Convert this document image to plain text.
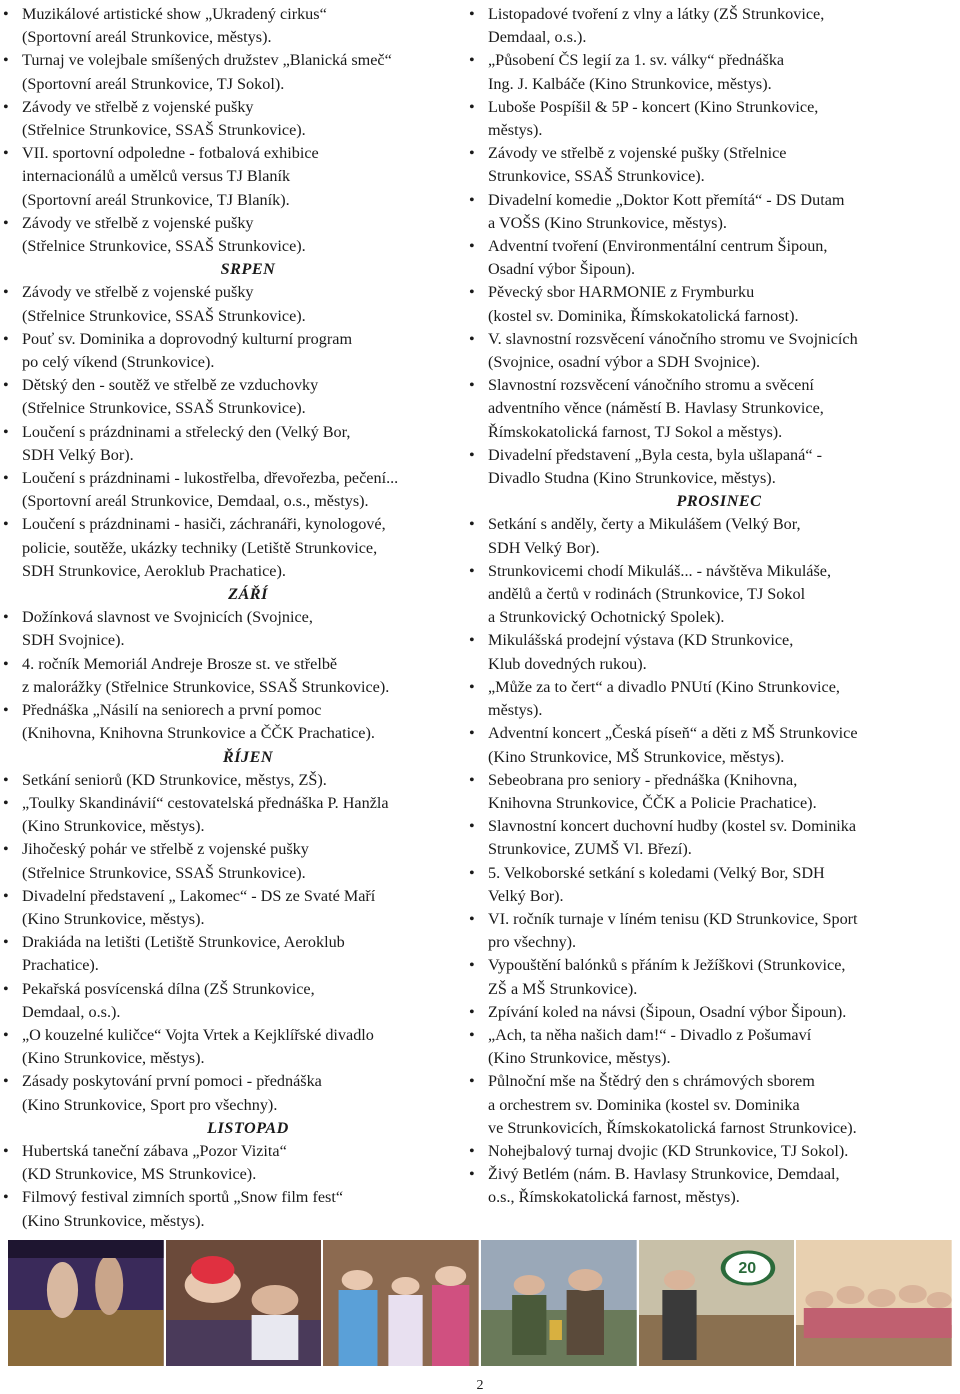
• Muzikálové artistické show „Ukradený cirkus“
(Sportovní areál Strunkovice, městys).
• Turnaj ve volejbale smíšených družstev „Blanická smeč“
(Sportovní areál Strunkovice, TJ Sokol).
• Závody ve střelbě z vojenské pušky
(Střelnice Strunkovice, SSAŠ Strunkovice).
• VII. sportovní odpoledne - fotbalová exhibice
internacionálů a umělců versus TJ Blaník
(Sportovní areál Strunkovice, TJ Blaník).
• Závody ve střelbě z vojenské pušky
(Střelnice Strunkovice, SSAŠ Strunkovice).
SRPEN
• Závody ve střelbě z vojenské pušky
(Střelnice Strunkovice, SSAŠ Strunkovice).
• Pouť sv. Dominika a doprovodný kulturní program
po celý víkend (Strunkovice).
• Dětský den - soutěž ve střelbě ze vzduchovky
(Střelnice Strunkovice, SSAŠ Strunkovice).
• Loučení s prázdninami a střelecký den (Velký Bor,
SDH Velký Bor).
• Loučení s prázdninami - lukostřelba, dřevořezba, pečení...
(Sportovní areál Strunkovice, Demdaal, o.s., městys).
• Loučení s prázdninami - hasiči, záchranáři, kynologové,
policie, soutěže, ukázky techniky (Letiště Strunkovice,
SDH Strunkovice, Aeroklub Prachatice).
ZÁŘÍ
• Dožínková slavnost ve Svojnicích (Svojnice,
SDH Svojnice).
• 4. ročník Memoriál Andreje Brosze st. ve střelbě
z malorážky (Střelnice Strunkovice, SSAŠ Strunkovice).
• Přednáška „Násilí na seniorech a první pomoc
(Knihovna, Knihovna Strunkovice a ČČK Prachatice).
ŘÍJEN
• Setkání seniorů (KD Strunkovice, městys, ZŠ).
• „Toulky Skandinávií“ cestovatelská přednáška P. Hanžla
(Kino Strunkovice, městys).
• Jihočeský pohár ve střelbě z vojenské pušky
(Střelnice Strunkovice, SSAŠ Strunkovice).
• Divadelní představení „ Lakomec“ - DS ze Svaté Maří
(Kino Strunkovice, městys).
• Drakiáda na letišti (Letiště Strunkovice, Aeroklub
Prachatice).
• Pekařská posvícenská dílna (ZŠ Strunkovice,
Demdaal, o.s.).
• „O kouzelné kuličce“ Vojta Vrtek a Kejklířské divadlo
(Kino Strunkovice, městys).
• Zásady poskytování první pomoci - přednáška
(Kino Strunkovice, Sport pro všechny).
LISTOPAD
• Hubertská taneční zábava „Pozor Vizita“
(KD Strunkovice, MS Strunkovice).
• Filmový festival zimních sportů „Snow film fest“
(Kino Strunkovice, městys).
• Listopadové tvoření z vlny a látky (ZŠ Strunkovice,
Demdaal, o.s.).
• „Působení ČS legií za 1. sv. války“ přednáška
Ing. J. Kalbáče (Kino Strunkovice, městys).
• Luboše Pospíšil & 5P - koncert (Kino Strunkovice,
městys).
• Závody ve střelbě z vojenské pušky (Střelnice
Strunkovice, SSAŠ Strunkovice).
• Divadelní komedie „Doktor Kott přemítá“ - DS Dutam
a VOŠS (Kino Strunkovice, městys).
• Adventní tvoření (Environmentální centrum Šipoun,
Osadní výbor Šipoun).
• Pěvecký sbor HARMONIE z Frymburku
(kostel sv. Dominika, Římskokatolická farnost).
• V. slavnostní rozsvěcení vánočního stromu ve Svojnicích
(Svojnice, osadní výbor a SDH Svojnice).
• Slavnostní rozsvěcení vánočního stromu a svěcení
adventního věnce (náměstí B. Havlasy Strunkovice,
Římskokatolická farnost, TJ Sokol a městys).
• Divadelní představení „Byla cesta, byla ušlapaná“ -
Divadlo Studna (Kino Strunkovice, městys).
PROSINEC
• Setkání s anděly, čerty a Mikulášem (Velký Bor,
SDH Velký Bor).
• Strunkovicemi chodí Mikuláš... - návštěva Mikuláše,
andělů a čertů v rodinách (Strunkovice, TJ Sokol
a Strunkovický Ochotnický Spolek).
• Mikulášská prodejní výstava (KD Strunkovice,
Klub dovedných rukou).
• „Může za to čert“ a divadlo PNUtí (Kino Strunkovice,
městys).
• Adventní koncert „Česká píseň“ a děti z MŠ Strunkovice
(Kino Strunkovice, MŠ Strunkovice, městys).
• Sebeobrana pro seniory - přednáška (Knihovna,
Knihovna Strunkovice, ČČK a Policie Prachatice).
• Slavnostní koncert duchovní hudby (kostel sv. Dominika
Strunkovice, ZUMŠ Vl. Březí).
• 5. Velkoborské setkání s koledami (Velký Bor, SDH
Velký Bor).
• VI. ročník turnaje v líném tenisu (KD Strunkovice, Sport
pro všechny).
• Vypouštění balónků s přáním k Ježíškovi (Strunkovice,
ZŠ a MŠ Strunkovice).
• Zpívání koled na návsi (Šipoun, Osadní výbor Šipoun).
• „Ach, ta něha našich dam!“ - Divadlo z Pošumaví
(Kino Strunkovice, městys).
• Půlnoční mše na Štědrý den s chrámových sborem
a orchestrem sv. Dominika (kostel sv. Dominika
ve Strunkovicích, Římskokatolická farnost Strunkovice).
• Nohejbalový turnaj dvojic (KD Strunkovice, TJ Sokol).
• Živý Betlém (nám. B. Havlasy Strunkovice, Demdaal,
o.s., Římskokatolická farnost, městys).
20
2
